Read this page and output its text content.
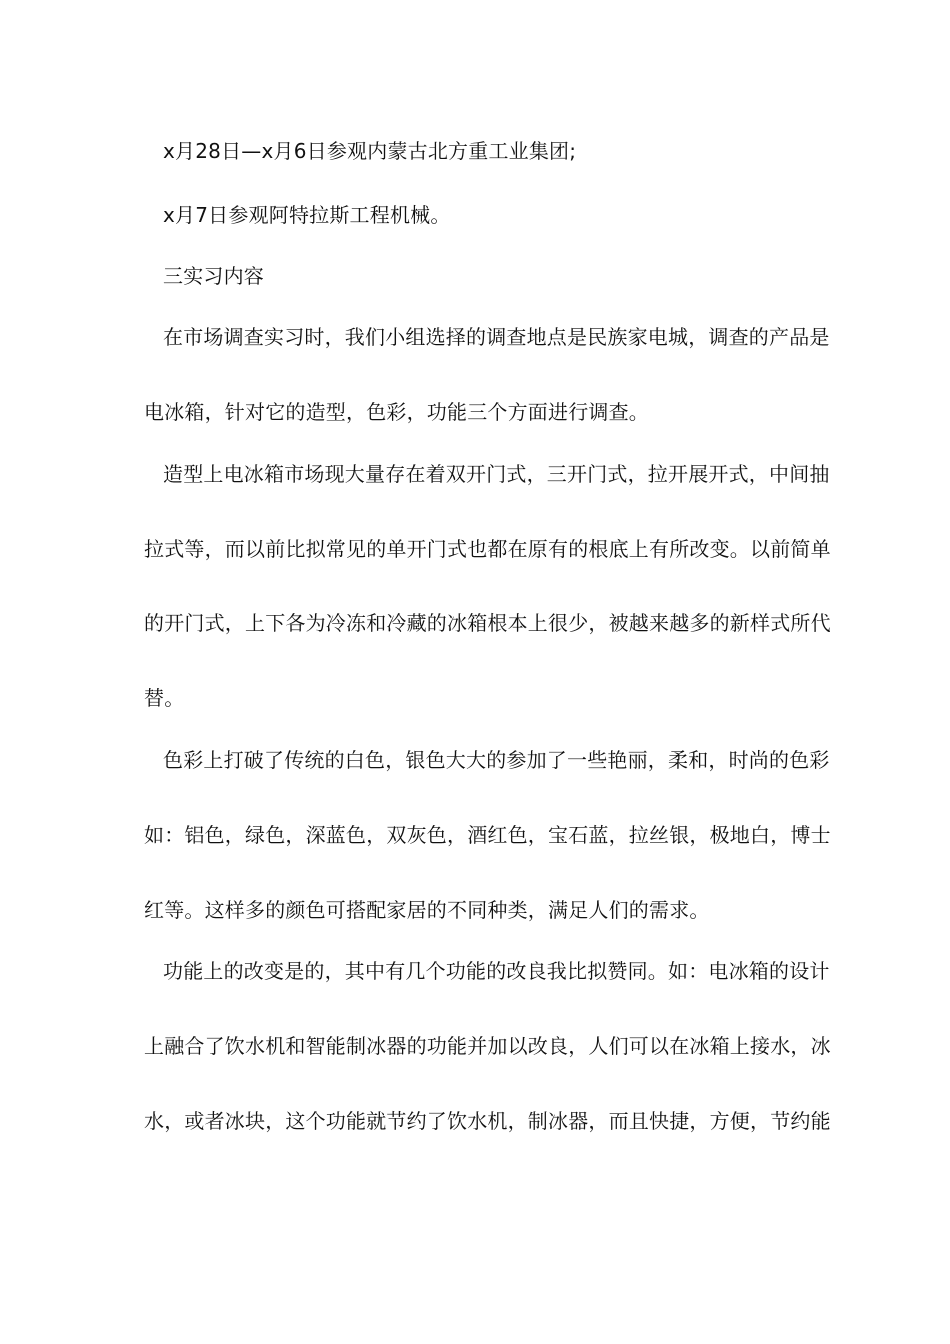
x月28日—x月6日参观内蒙古北方重工业集团;
x月7日参观阿特拉斯工程机械。
三实习内容
在市场调查实习时，我们小组选择的调查地点是民族家电城，调查的产品是
电冰箱，针对它的造型，色彩，功能三个方面进行调查。
造型上电冰箱市场现大量存在着双开门式，三开门式，拉开展开式，中间抽
拉式等，而以前比拟常见的单开门式也都在原有的根底上有所改变。以前简单
的开门式，上下各为冷冻和冷藏的冰箱根本上很少，被越来越多的新样式所代
替。
色彩上打破了传统的白色，银色大大的参加了一些艳丽，柔和，时尚的色彩
如：铝色，绿色，深蓝色，双灰色，酒红色，宝石蓝，拉丝银，极地白，博士
红等。这样多的颜色可搭配家居的不同种类，满足人们的需求。
功能上的改变是的，其中有几个功能的改良我比拟赞同。如：电冰箱的设计
上融合了饮水机和智能制冰器的功能并加以改良，人们可以在冰箱上接水，冰
水，或者冰块，这个功能就节约了饮水机，制冰器，而且快捷，方便，节约能
